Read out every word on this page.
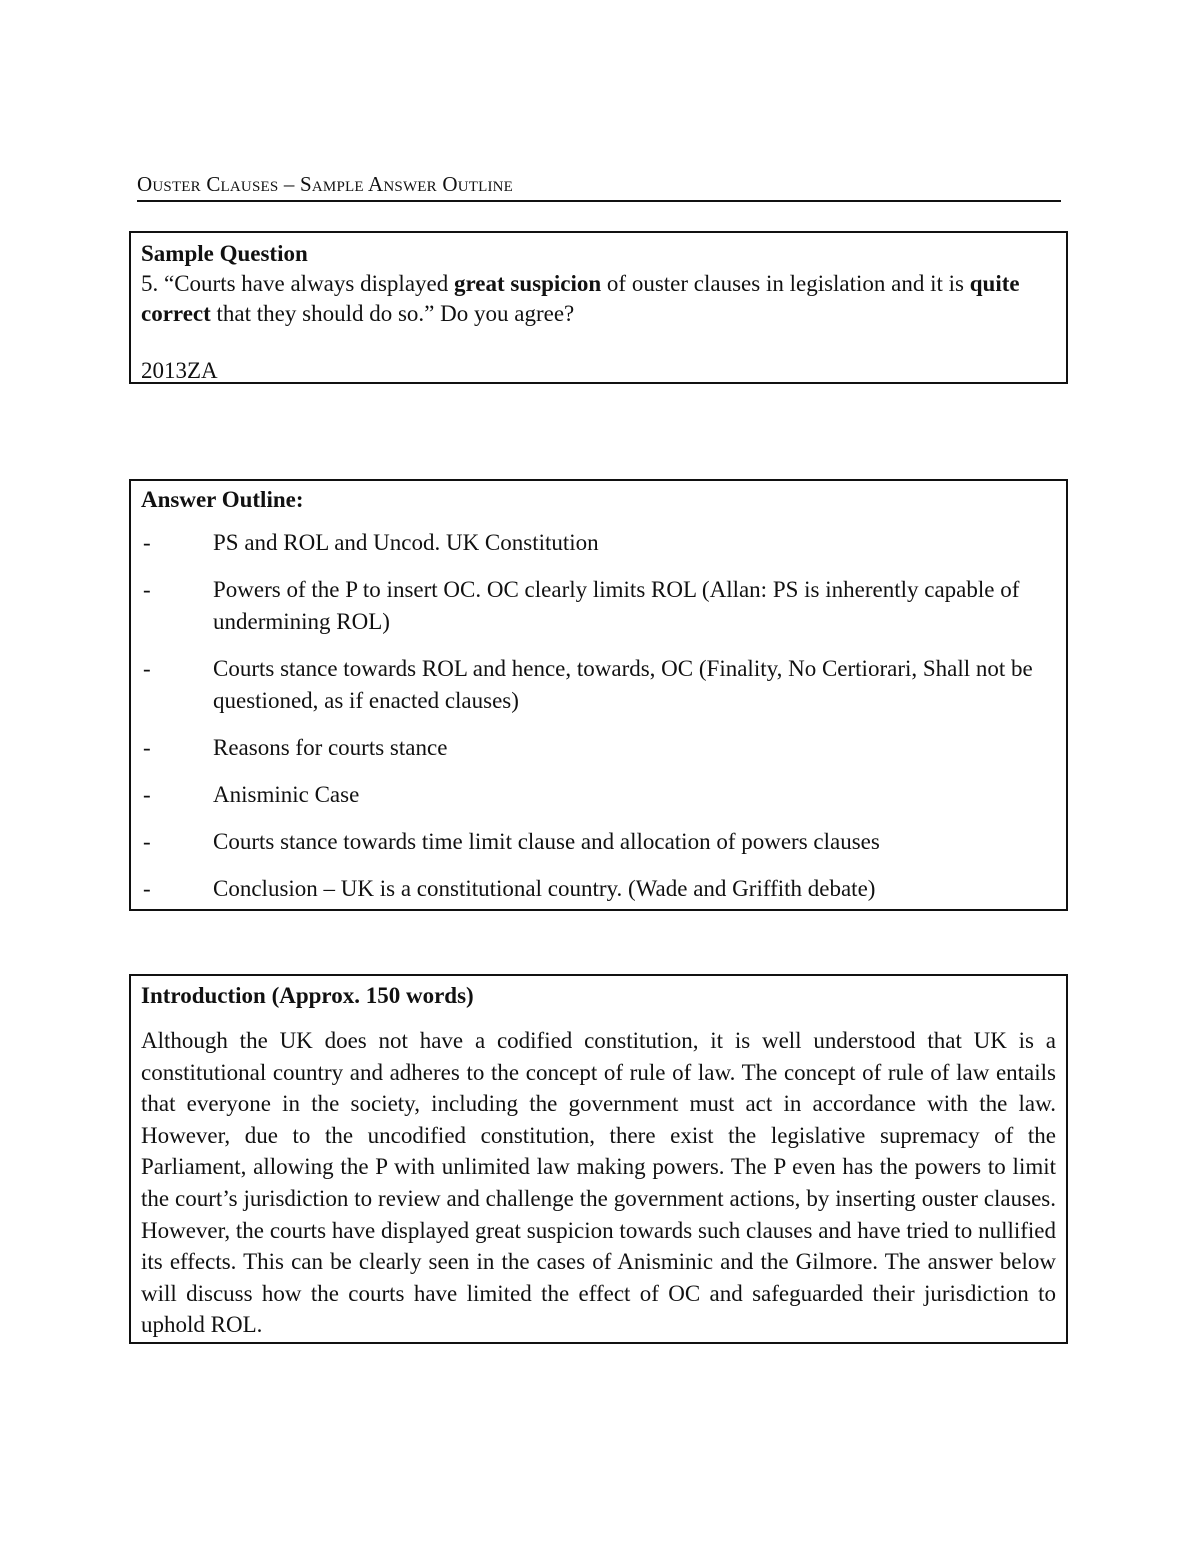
Ouster Clauses – Sample Answer Outline
Sample Question

5. “Courts have always displayed great suspicion of ouster clauses in legislation and it is quite correct that they should do so.” Do you agree?

2013ZA
Answer Outline:
-	PS and ROL and Uncod. UK Constitution
-	Powers of the P to insert OC. OC clearly limits ROL (Allan: PS is inherently capable of undermining ROL)
-	Courts stance towards ROL and hence, towards, OC (Finality, No Certiorari, Shall not be questioned, as if enacted clauses)
-	Reasons for courts stance
-	Anisminic Case
-	Courts stance towards time limit clause and allocation of powers clauses
-	Conclusion – UK is a constitutional country. (Wade and Griffith debate)
Introduction (Approx. 150 words)

Although the UK does not have a codified constitution, it is well understood that UK is a constitutional country and adheres to the concept of rule of law. The concept of rule of law entails that everyone in the society, including the government must act in accordance with the law. However, due to the uncodified constitution, there exist the legislative supremacy of the Parliament, allowing the P with unlimited law making powers. The P even has the powers to limit the court’s jurisdiction to review and challenge the government actions, by inserting ouster clauses. However, the courts have displayed great suspicion towards such clauses and have tried to nullified its effects. This can be clearly seen in the cases of Anisminic and the Gilmore. The answer below will discuss how the courts have limited the effect of OC and safeguarded their jurisdiction to uphold ROL.
